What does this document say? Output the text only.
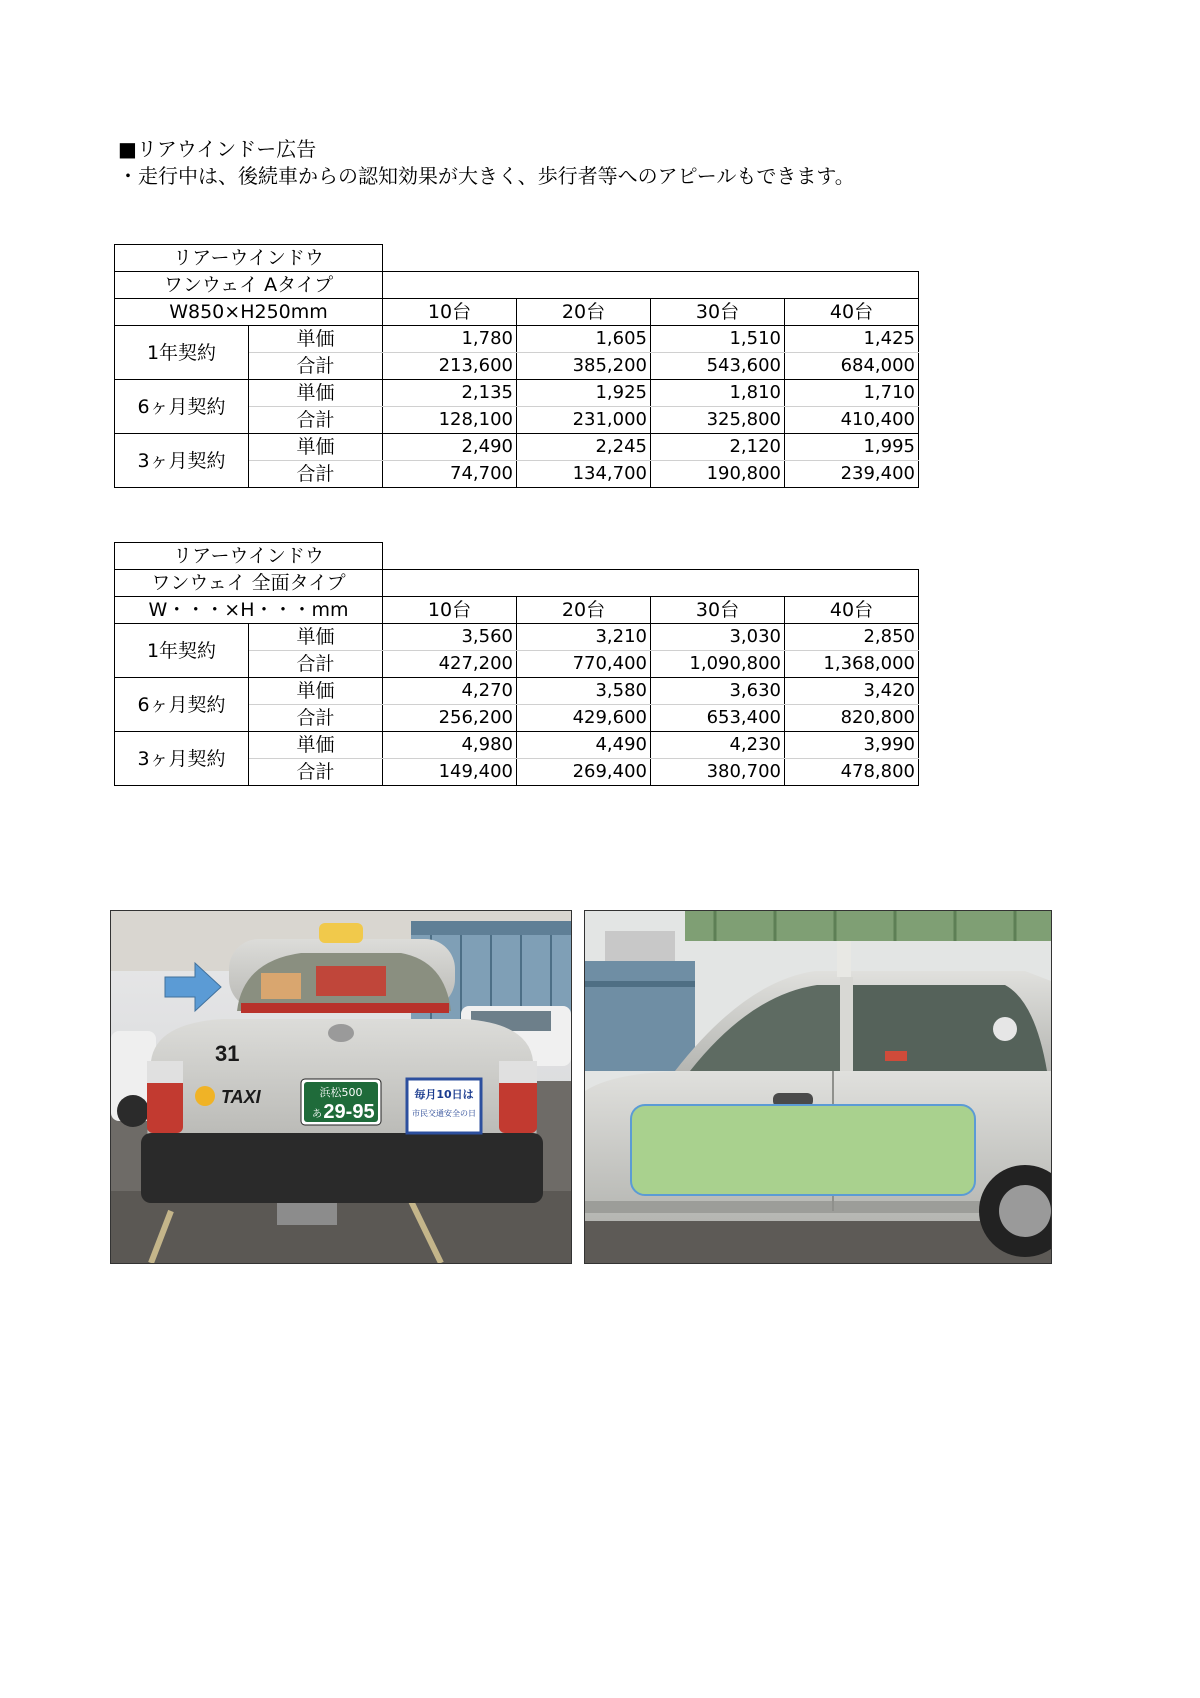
■リアウインドー広告
・走行中は、後続車からの認知効果が大きく、歩行者等へのアピールもできます。
リアーウインドウ					
ワンウェイ Aタイプ					
W850×H250mm		10台	20台	30台	40台
1年契約	単価	1,780	1,605	1,510	1,425
	合計	213,600	385,200	543,600	684,000
6ヶ月契約	単価	2,135	1,925	1,810	1,710
	合計	128,100	231,000	325,800	410,400
3ヶ月契約	単価	2,490	2,245	2,120	1,995
	合計	74,700	134,700	190,800	239,400
リアーウインドウ					
ワンウェイ 全面タイプ					
W・・・×H・・・mm		10台	20台	30台	40台
1年契約	単価	3,560	3,210	3,030	2,850
	合計	427,200	770,400	1,090,800	1,368,000
6ヶ月契約	単価	4,270	3,580	3,630	3,420
	合計	256,200	429,600	653,400	820,800
3ヶ月契約	単価	4,980	4,490	4,230	3,990
	合計	149,400	269,400	380,700	478,800
31
TAXI	浜松500
あ 29-95
毎月10日は
市民交通安全の日
